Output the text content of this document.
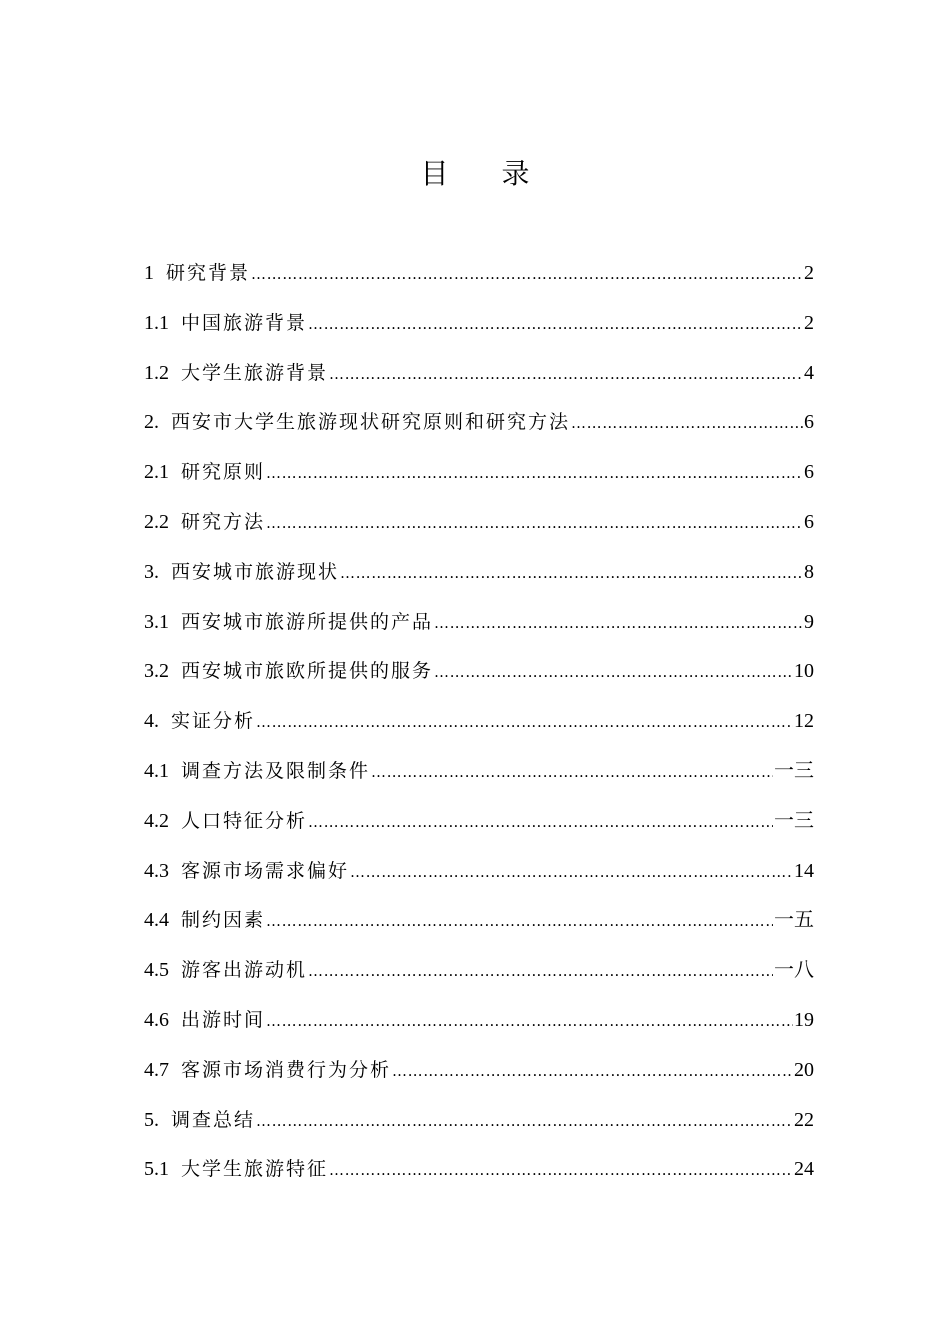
目 录
1 研究背景 ………………………………………………………………………………………………………………………………………………………………………………………………………………………………	2
1.1 中国旅游背景 ………………………………………………………………………………………………………………………………………………………………………………………………………………………………	2
1.2 大学生旅游背景 ………………………………………………………………………………………………………………………………………………………………………………………………………………………………	4
2. 西安市大学生旅游现状研究原则和研究方法 ………………………………………………………………………………………………………………………………………………………………………………………………………………………………	6
2.1 研究原则 ………………………………………………………………………………………………………………………………………………………………………………………………………………………………	6
2.2 研究方法 ………………………………………………………………………………………………………………………………………………………………………………………………………………………………	6
3. 西安城市旅游现状 ………………………………………………………………………………………………………………………………………………………………………………………………………………………………	8
3.1 西安城市旅游所提供的产品 ………………………………………………………………………………………………………………………………………………………………………………………………………………………………	9
3.2 西安城市旅欧所提供的服务 ………………………………………………………………………………………………………………………………………………………………………………………………………………………………	10
4. 实证分析 ………………………………………………………………………………………………………………………………………………………………………………………………………………………………	12
4.1 调查方法及限制条件 ………………………………………………………………………………………………………………………………………………………………………………………………………………………………	一三
4.2 人口特征分析 ………………………………………………………………………………………………………………………………………………………………………………………………………………………………	一三
4.3 客源市场需求偏好 ………………………………………………………………………………………………………………………………………………………………………………………………………………………………	14
4.4 制约因素 ………………………………………………………………………………………………………………………………………………………………………………………………………………………………	一五
4.5 游客出游动机 ………………………………………………………………………………………………………………………………………………………………………………………………………………………………	一八
4.6 出游时间 ………………………………………………………………………………………………………………………………………………………………………………………………………………………………	19
4.7 客源市场消费行为分析 ………………………………………………………………………………………………………………………………………………………………………………………………………………………………	20
5. 调查总结 ………………………………………………………………………………………………………………………………………………………………………………………………………………………………	22
5.1 大学生旅游特征 ………………………………………………………………………………………………………………………………………………………………………………………………………………………………	24
